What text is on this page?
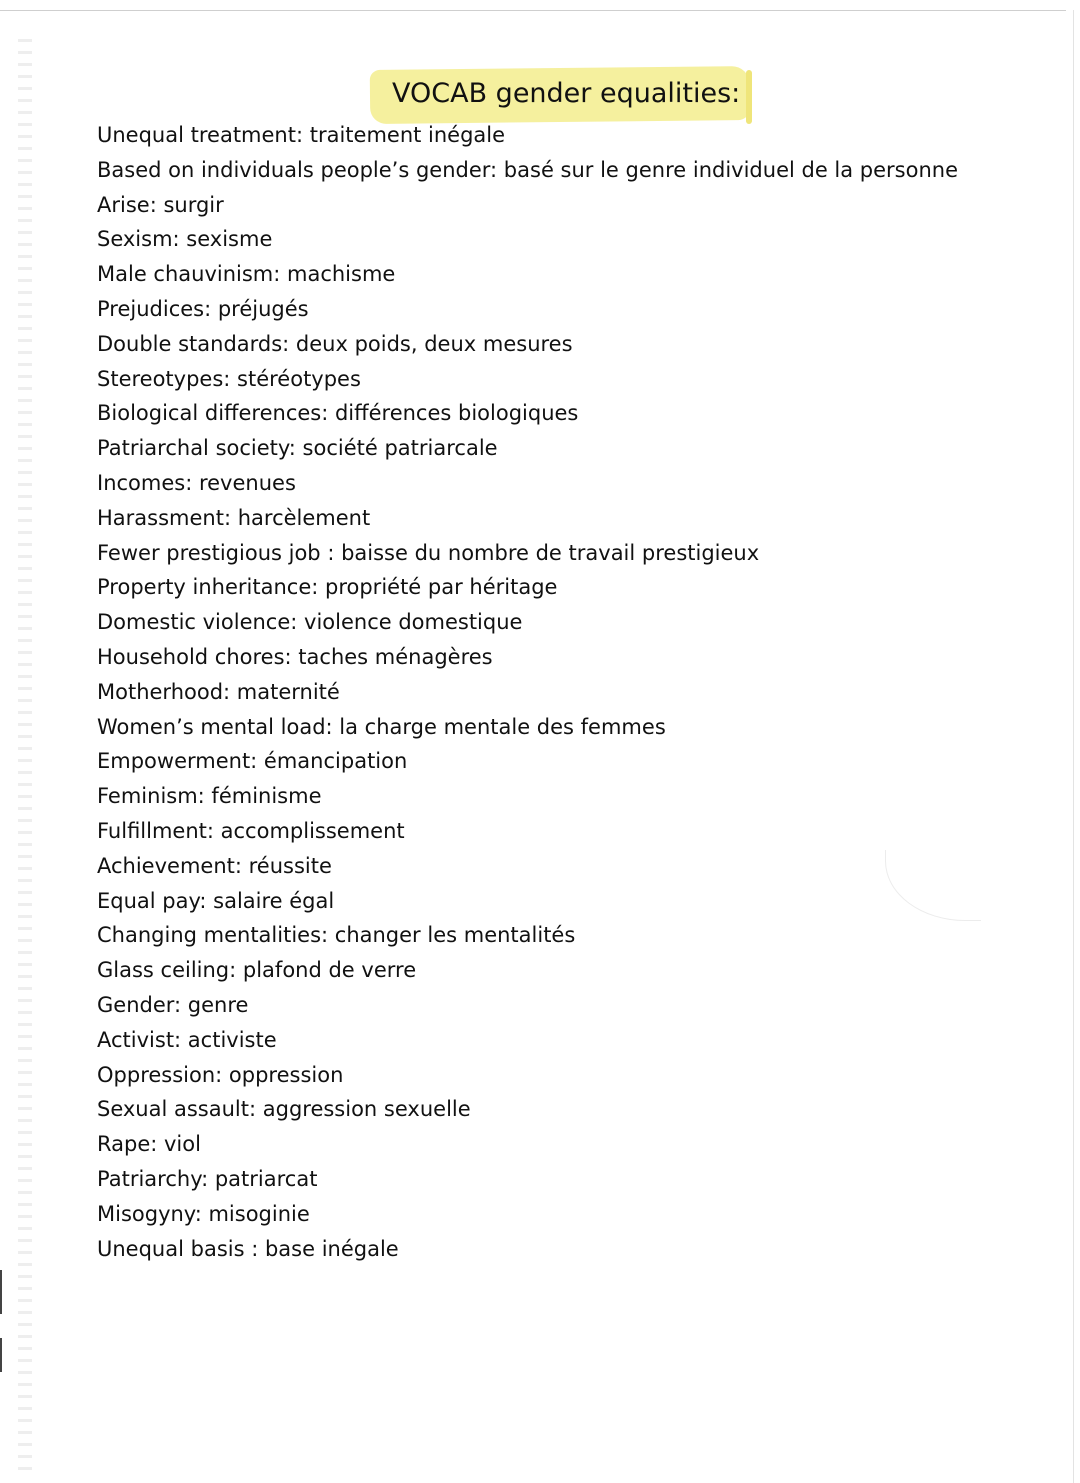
VOCAB gender equalities:
Unequal treatment: traitement inégale
Based on individuals people’s gender: basé sur le genre individuel de la personne
Arise: surgir
Sexism: sexisme
Male chauvinism: machisme
Prejudices: préjugés
Double standards: deux poids, deux mesures
Stereotypes: stéréotypes
Biological differences: différences biologiques
Patriarchal society: société patriarcale
Incomes: revenues
Harassment: harcèlement
Fewer prestigious job : baisse du nombre de travail prestigieux
Property inheritance: propriété par héritage
Domestic violence: violence domestique
Household chores: taches ménagères
Motherhood: maternité
Women’s mental load: la charge mentale des femmes
Empowerment: émancipation
Feminism: féminisme
Fulfillment: accomplissement
Achievement: réussite
Equal pay: salaire égal
Changing mentalities: changer les mentalités
Glass ceiling: plafond de verre
Gender: genre
Activist: activiste
Oppression: oppression
Sexual assault: aggression sexuelle
Rape: viol
Patriarchy: patriarcat
Misogyny: misoginie
Unequal basis : base inégale
